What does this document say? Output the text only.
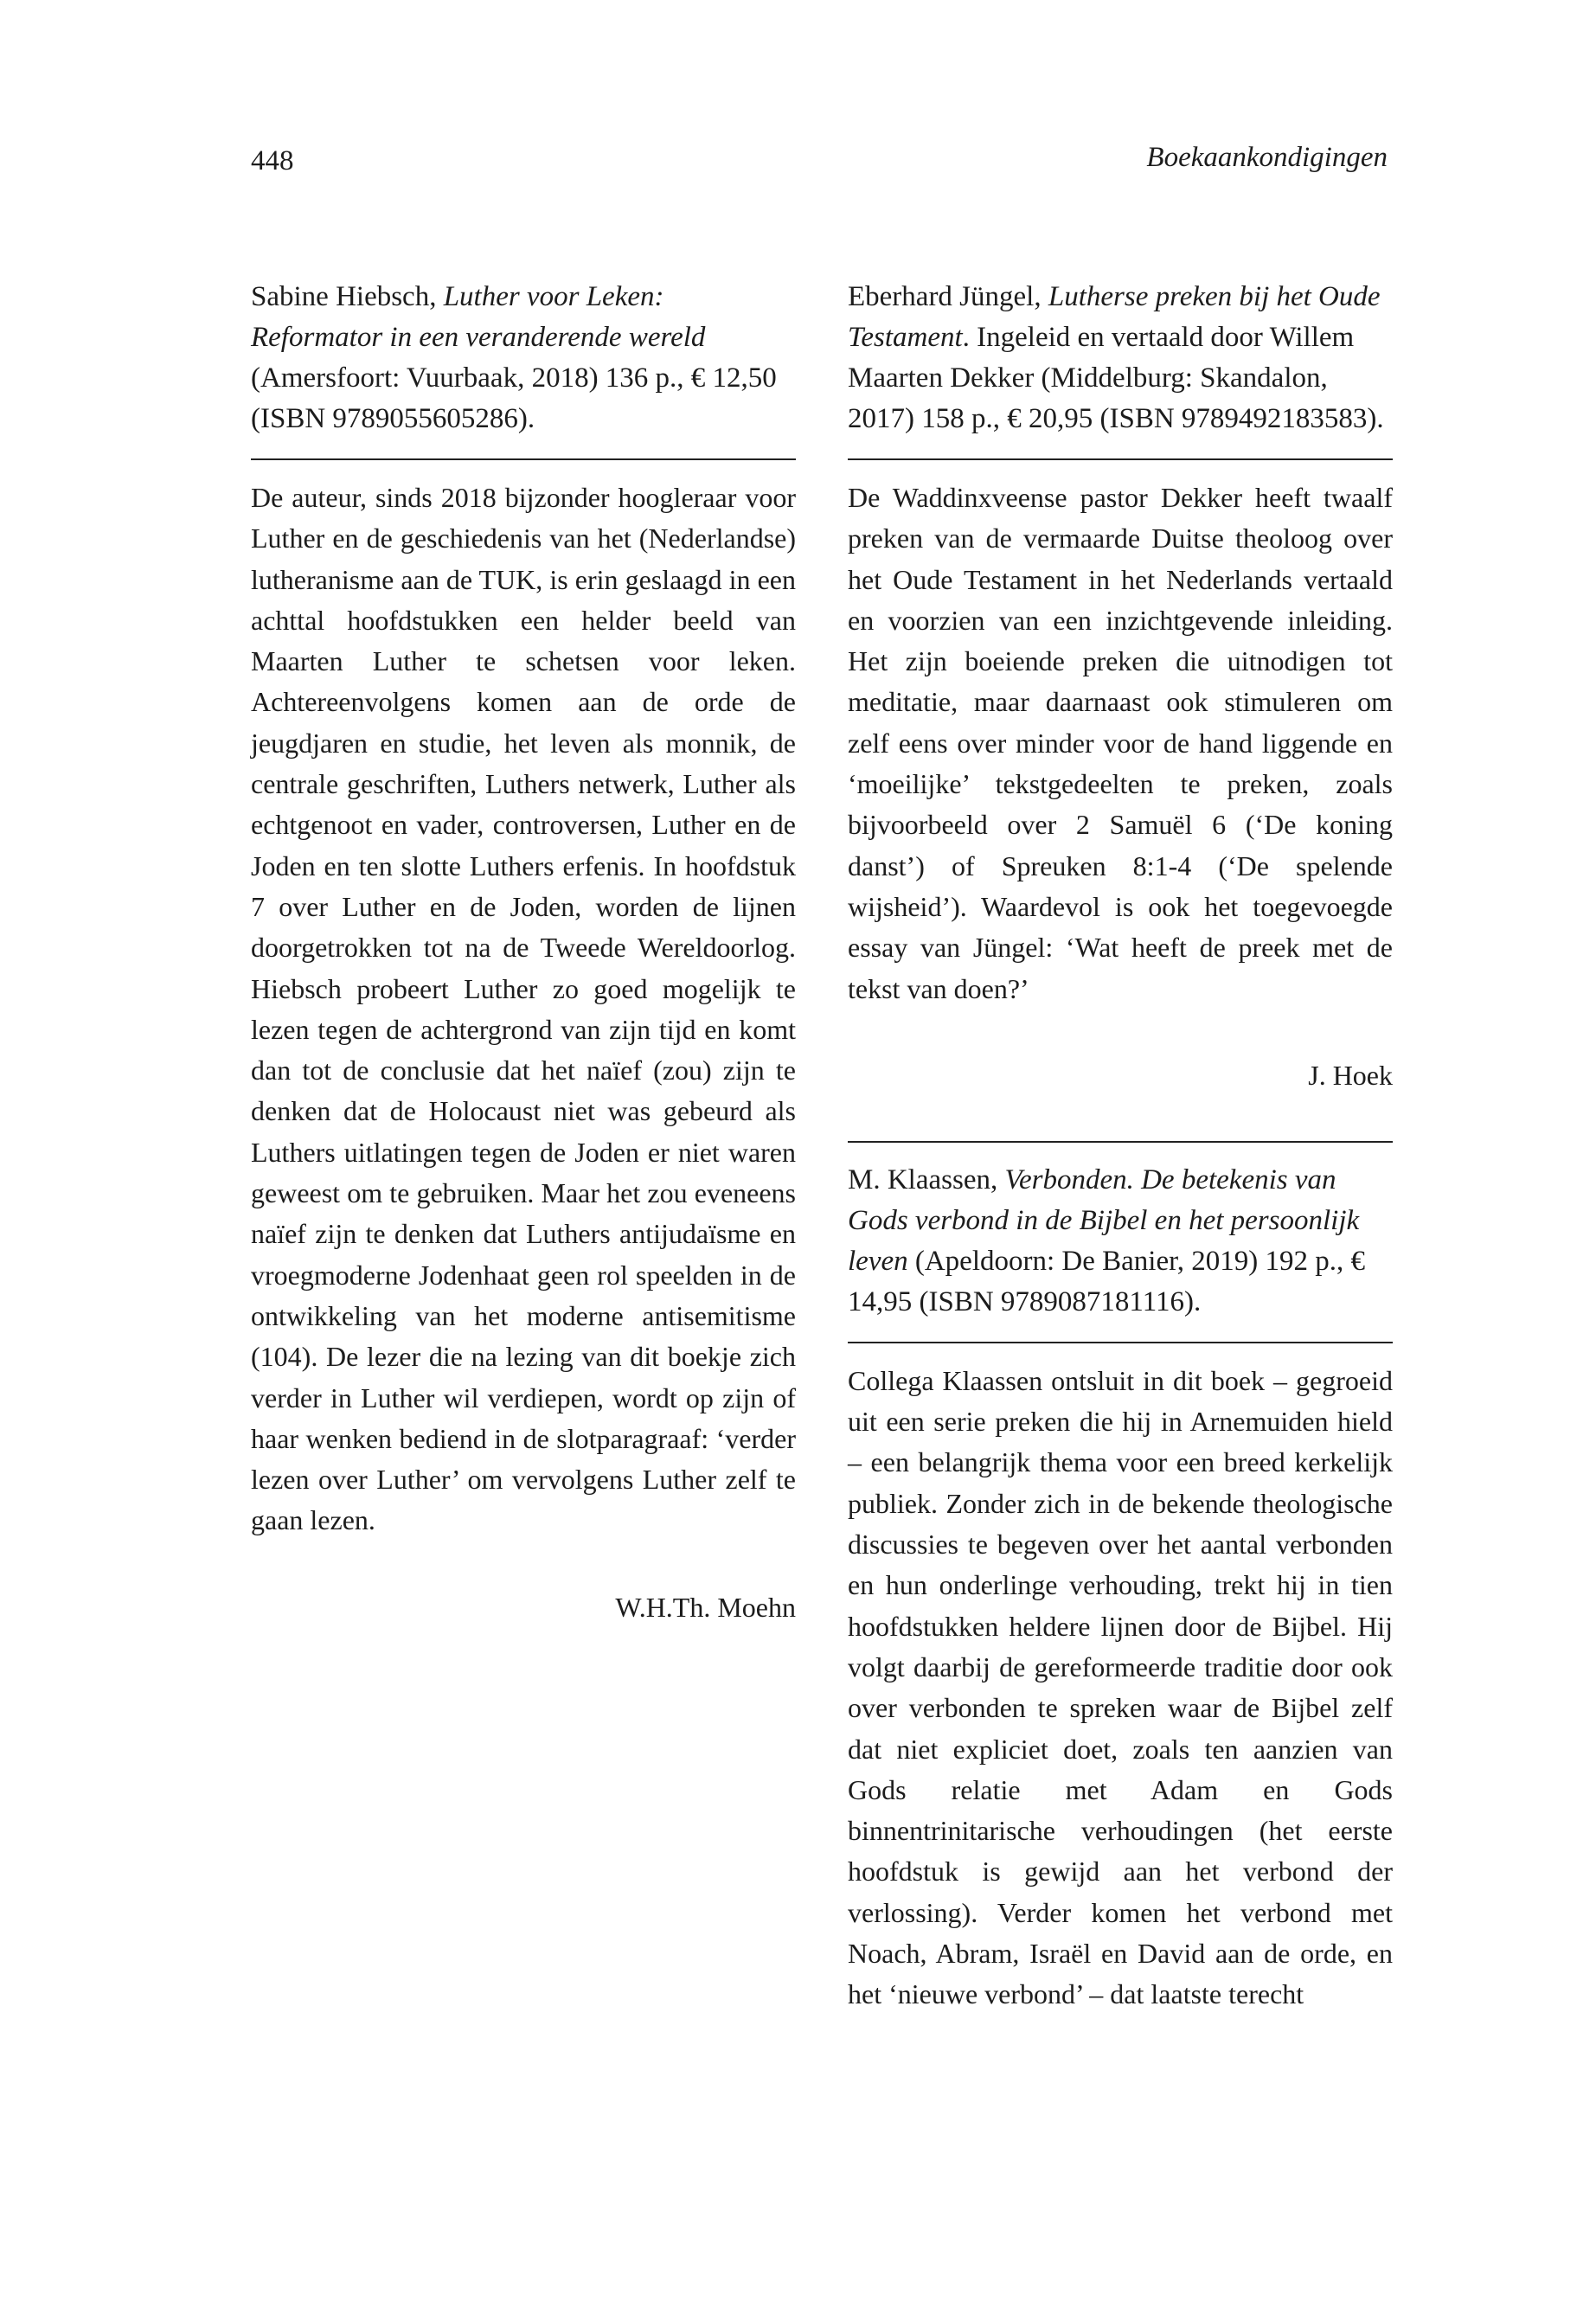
448	Boekaankondigingen

Sabine Hiebsch, Luther voor Leken: Reformator in een veranderende wereld (Amersfoort: Vuurbaak, 2018) 136 p., € 12,50 (ISBN 9789055605286).

De auteur, sinds 2018 bijzonder hoogleraar voor Luther en de geschiedenis van het (Nederlandse) lutheranisme aan de TUK, is erin geslaagd in een achttal hoofdstukken een helder beeld van Maarten Luther te schetsen voor leken. Achtereenvolgens komen aan de orde de jeugdjaren en studie, het leven als monnik, de centrale geschriften, Luthers netwerk, Luther als echtgenoot en vader, controversen, Luther en de Joden en ten slotte Luthers erfenis. In hoofdstuk 7 over Luther en de Joden, worden de lijnen doorgetrokken tot na de Tweede Wereldoorlog. Hiebsch probeert Luther zo goed mogelijk te lezen tegen de achtergrond van zijn tijd en komt dan tot de conclusie dat het naïef (zou) zijn te denken dat de Holocaust niet was gebeurd als Luthers uitlatingen tegen de Joden er niet waren geweest om te gebruiken. Maar het zou eveneens naïef zijn te denken dat Luthers antijudaïsme en vroegmoderne Jodenhaat geen rol speelden in de ontwikkeling van het moderne antisemitisme (104). De lezer die na lezing van dit boekje zich verder in Luther wil verdiepen, wordt op zijn of haar wenken bediend in de slotparagraaf: ‘verder lezen over Luther’ om vervolgens Luther zelf te gaan lezen.

W.H.Th. Moehn

Eberhard Jüngel, Lutherse preken bij het Oude Testament. Ingeleid en vertaald door Willem Maarten Dekker (Middelburg: Skandalon, 2017) 158 p., € 20,95 (ISBN 9789492183583).

De Waddinxveense pastor Dekker heeft twaalf preken van de vermaarde Duitse theoloog over het Oude Testament in het Nederlands vertaald en voorzien van een inzichtgevende inleiding. Het zijn boeiende preken die uitnodigen tot meditatie, maar daarnaast ook stimuleren om zelf eens over minder voor de hand liggende en ‘moeilijke’ tekstgedeelten te preken, zoals bijvoorbeeld over 2 Samuël 6 (‘De koning danst’) of Spreuken 8:1-4 (‘De spelende wijsheid’). Waardevol is ook het toegevoegde essay van Jüngel: ‘Wat heeft de preek met de tekst van doen?’

J. Hoek

M. Klaassen, Verbonden. De betekenis van Gods verbond in de Bijbel en het persoonlijk leven (Apeldoorn: De Banier, 2019) 192 p., € 14,95 (ISBN 9789087181116).

Collega Klaassen ontsluit in dit boek – gegroeid uit een serie preken die hij in Arnemuiden hield – een belangrijk thema voor een breed kerkelijk publiek. Zonder zich in de bekende theologische discussies te begeven over het aantal verbonden en hun onderlinge verhouding, trekt hij in tien hoofdstukken heldere lijnen door de Bijbel. Hij volgt daarbij de gereformeerde traditie door ook over verbonden te spreken waar de Bijbel zelf dat niet expliciet doet, zoals ten aanzien van Gods relatie met Adam en Gods binnentrinitarische verhoudingen (het eerste hoofdstuk is gewijd aan het verbond der verlossing). Verder komen het verbond met Noach, Abram, Israël en David aan de orde, en het ‘nieuwe verbond’ – dat laatste terecht
